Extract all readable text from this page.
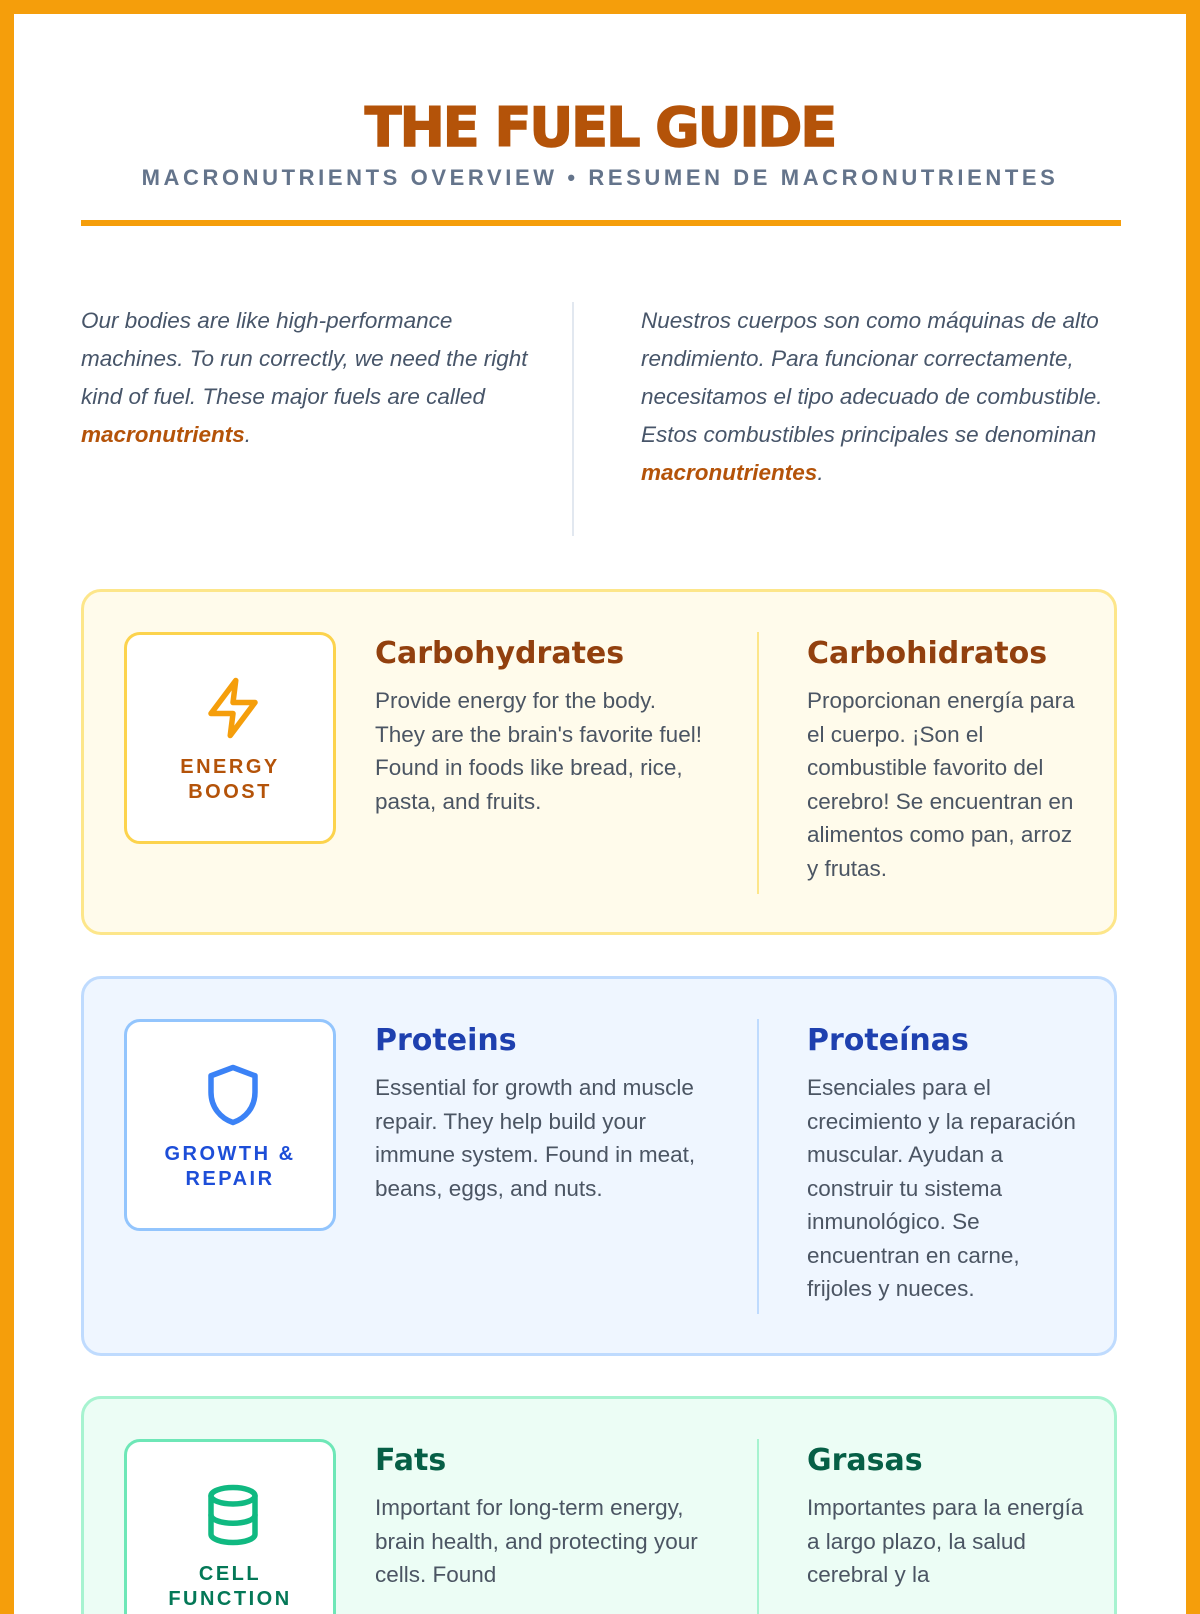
THE FUEL GUIDE
MACRONUTRIENTS OVERVIEW • RESUMEN DE MACRONUTRIENTES
Our bodies are like high-performance machines. To run correctly, we need the right kind of fuel. These major fuels are called macronutrients.
Nuestros cuerpos son como máquinas de alto rendimiento. Para funcionar correctamente, necesitamos el tipo adecuado de combustible. Estos combustibles principales se denominan macronutrientes.
ENERGY
BOOST
Carbohydrates

Provide energy for the body. They are the brain's favorite fuel! Found in foods like bread, rice, pasta, and fruits.

Carbohidratos

Proporcionan energía para el cuerpo. ¡Son el combustible favorito del cerebro! Se encuentran en alimentos como pan, arroz y frutas.

GROWTH &
REPAIR
Proteins

Essential for growth and muscle repair. They help build your immune system. Found in meat, beans, eggs, and nuts.

Proteínas

Esenciales para el crecimiento y la reparación muscular. Ayudan a construir tu sistema inmunológico. Se encuentran en carne, frijoles y nueces.

CELL
FUNCTION
Fats

Important for long-term energy, brain health, and protecting your cells. Found

Grasas

Importantes para la energía a largo plazo, la salud cerebral y la
